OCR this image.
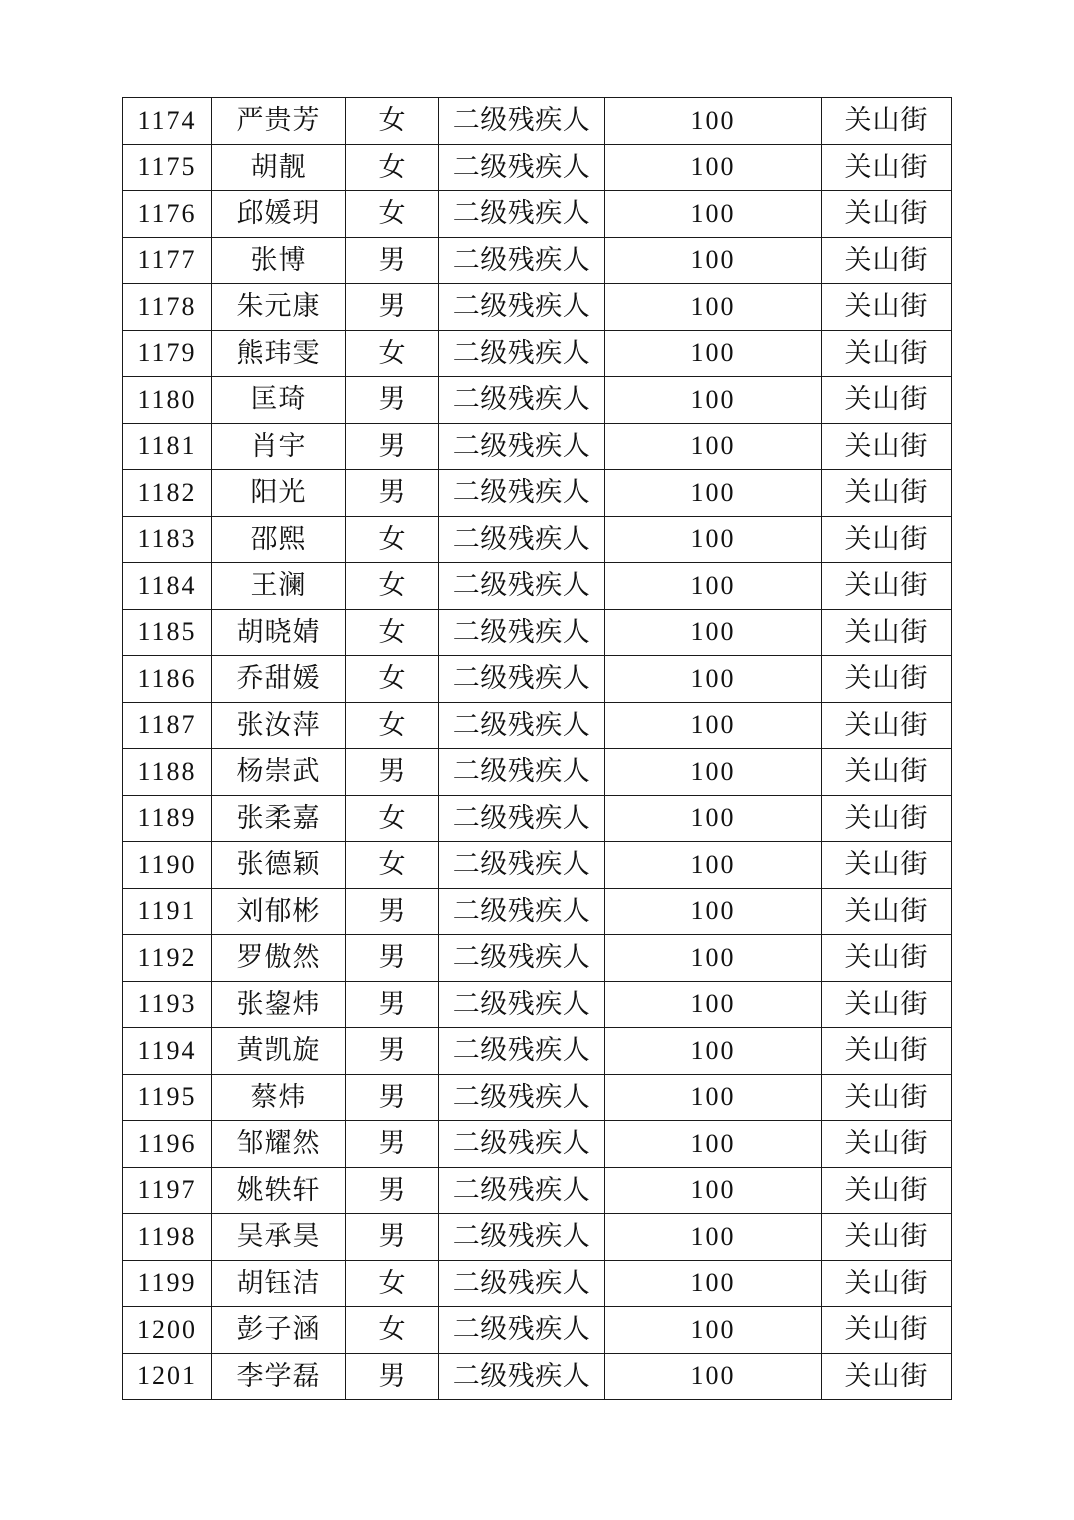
1174	严贵芳	女	二级残疾人	100	关山街
1175	胡靓	女	二级残疾人	100	关山街
1176	邱媛玥	女	二级残疾人	100	关山街
1177	张博	男	二级残疾人	100	关山街
1178	朱元康	男	二级残疾人	100	关山街
1179	熊玮雯	女	二级残疾人	100	关山街
1180	匡琦	男	二级残疾人	100	关山街
1181	肖宇	男	二级残疾人	100	关山街
1182	阳光	男	二级残疾人	100	关山街
1183	邵熙	女	二级残疾人	100	关山街
1184	王澜	女	二级残疾人	100	关山街
1185	胡晓婧	女	二级残疾人	100	关山街
1186	乔甜媛	女	二级残疾人	100	关山街
1187	张汝萍	女	二级残疾人	100	关山街
1188	杨崇武	男	二级残疾人	100	关山街
1189	张柔嘉	女	二级残疾人	100	关山街
1190	张德颖	女	二级残疾人	100	关山街
1191	刘郁彬	男	二级残疾人	100	关山街
1192	罗傲然	男	二级残疾人	100	关山街
1193	张鋆炜	男	二级残疾人	100	关山街
1194	黄凯旋	男	二级残疾人	100	关山街
1195	蔡炜	男	二级残疾人	100	关山街
1196	邹耀然	男	二级残疾人	100	关山街
1197	姚轶轩	男	二级残疾人	100	关山街
1198	吴承昊	男	二级残疾人	100	关山街
1199	胡钰洁	女	二级残疾人	100	关山街
1200	彭子涵	女	二级残疾人	100	关山街
1201	李学磊	男	二级残疾人	100	关山街
